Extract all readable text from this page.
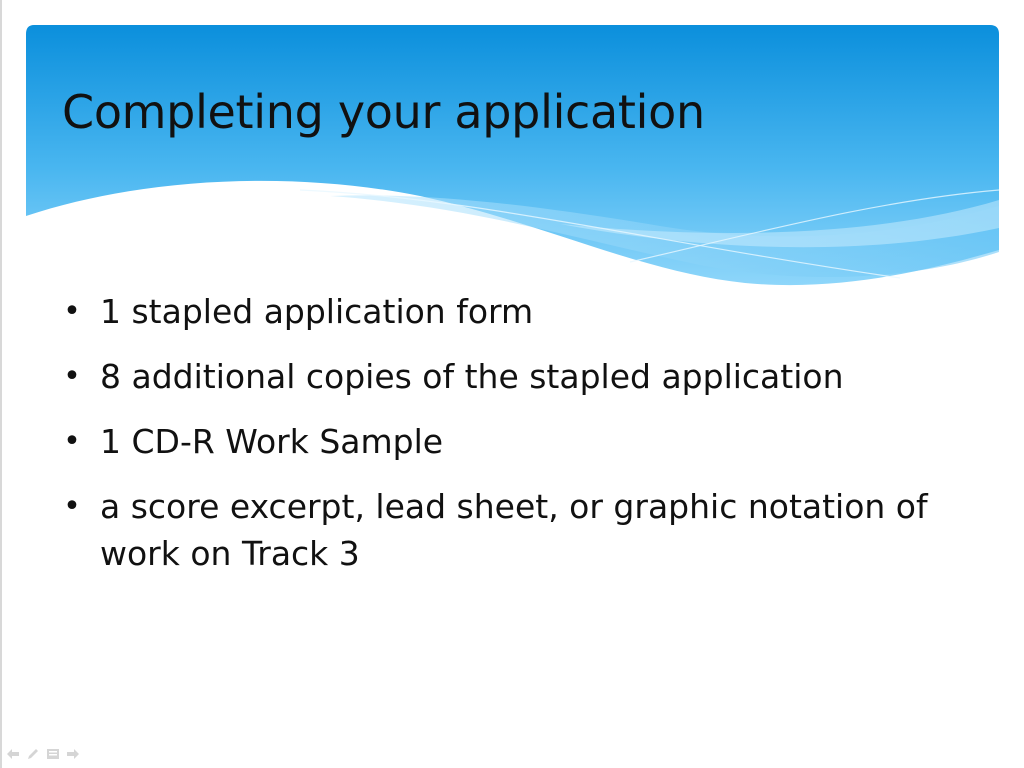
Completing your application
• 1 stapled application form
• 8 additional copies of the stapled application
• 1 CD-R Work Sample
• a score excerpt, lead sheet, or graphic notation of work on Track 3
